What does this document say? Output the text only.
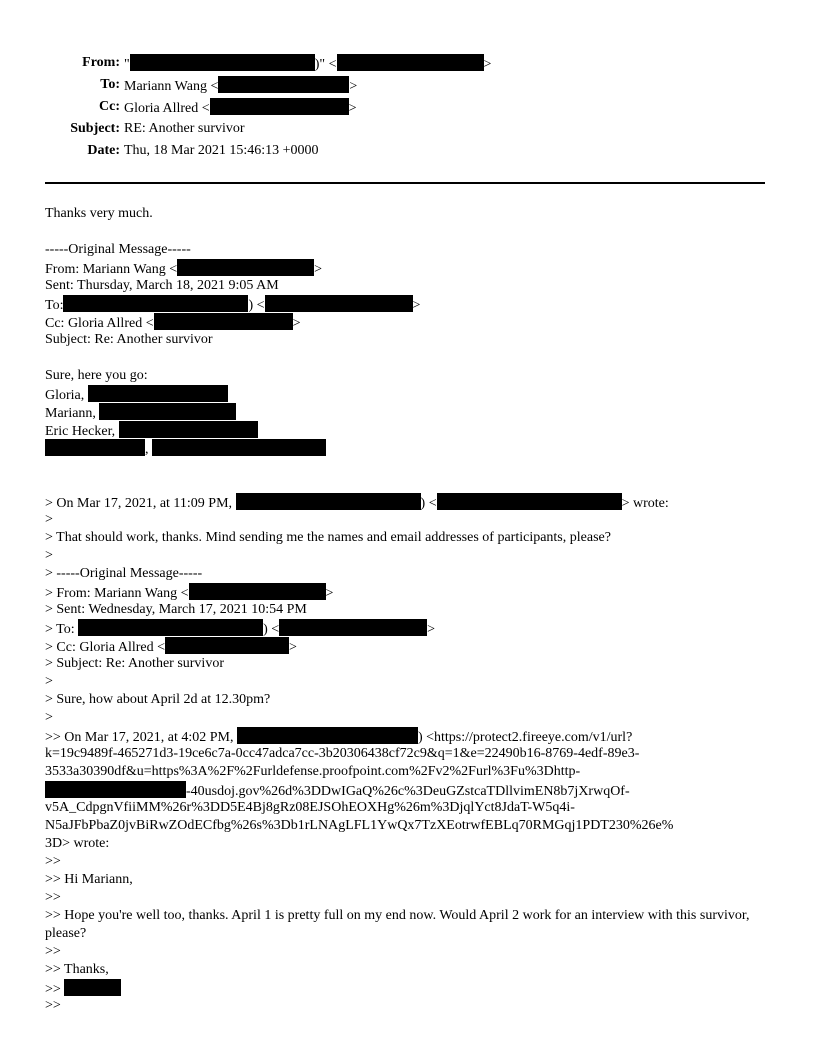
From: "	)" <	>
To: Mariann Wang <	>
Cc: Gloria Allred <	>
Subject: RE: Another survivor
Date: Thu, 18 Mar 2021 15:46:13 +0000
Thanks very much.
-----Original Message-----
From: Mariann Wang <	>
Sent: Thursday, March 18, 2021 9:05 AM
To:	) <	>
Cc: Gloria Allred <	>
Subject: Re: Another survivor
Sure, here you go:
Gloria,
Mariann,
Eric Hecker,
,
> On Mar 17, 2021, at 11:09 PM,	) <	> wrote:
>
> That should work, thanks. Mind sending me the names and email addresses of participants, please?
>
> -----Original Message-----
> From: Mariann Wang <	>
> Sent: Wednesday, March 17, 2021 10:54 PM
> To:	) <	>
> Cc: Gloria Allred <	>
> Subject: Re: Another survivor
>
> Sure, how about April 2d at 12.30pm?
>
>> On Mar 17, 2021, at 4:02 PM,	) <https://protect2.fireeye.com/v1/url?
k=19c9489f-465271d3-19ce6c7a-0cc47adca7cc-3b20306438cf72c9&q=1&e=22490b16-8769-4edf-89e3-
3533a30390df&u=https%3A%2F%2Furldefense.proofpoint.com%2Fv2%2Furl%3Fu%3Dhttp-
-40usdoj.gov%26d%3DDwIGaQ%26c%3DeuGZstcaTDllvimEN8b7jXrwqOf-
v5A_CdpgnVfiiMM%26r%3DD5E4Bj8gRz08EJSOhEOXHg%26m%3DjqlYct8JdaT-W5q4i-
N5aJFbPbaZ0jvBiRwZOdECfbg%26s%3Db1rLNAgLFL1YwQx7TzXEotrwfEBLq70RMGqj1PDT230%26e%
3D> wrote:
>>
>> Hi Mariann,
>>
>> Hope you're well too, thanks. April 1 is pretty full on my end now. Would April 2 work for an interview with this survivor, please?
>>
>> Thanks,
>>
>>
